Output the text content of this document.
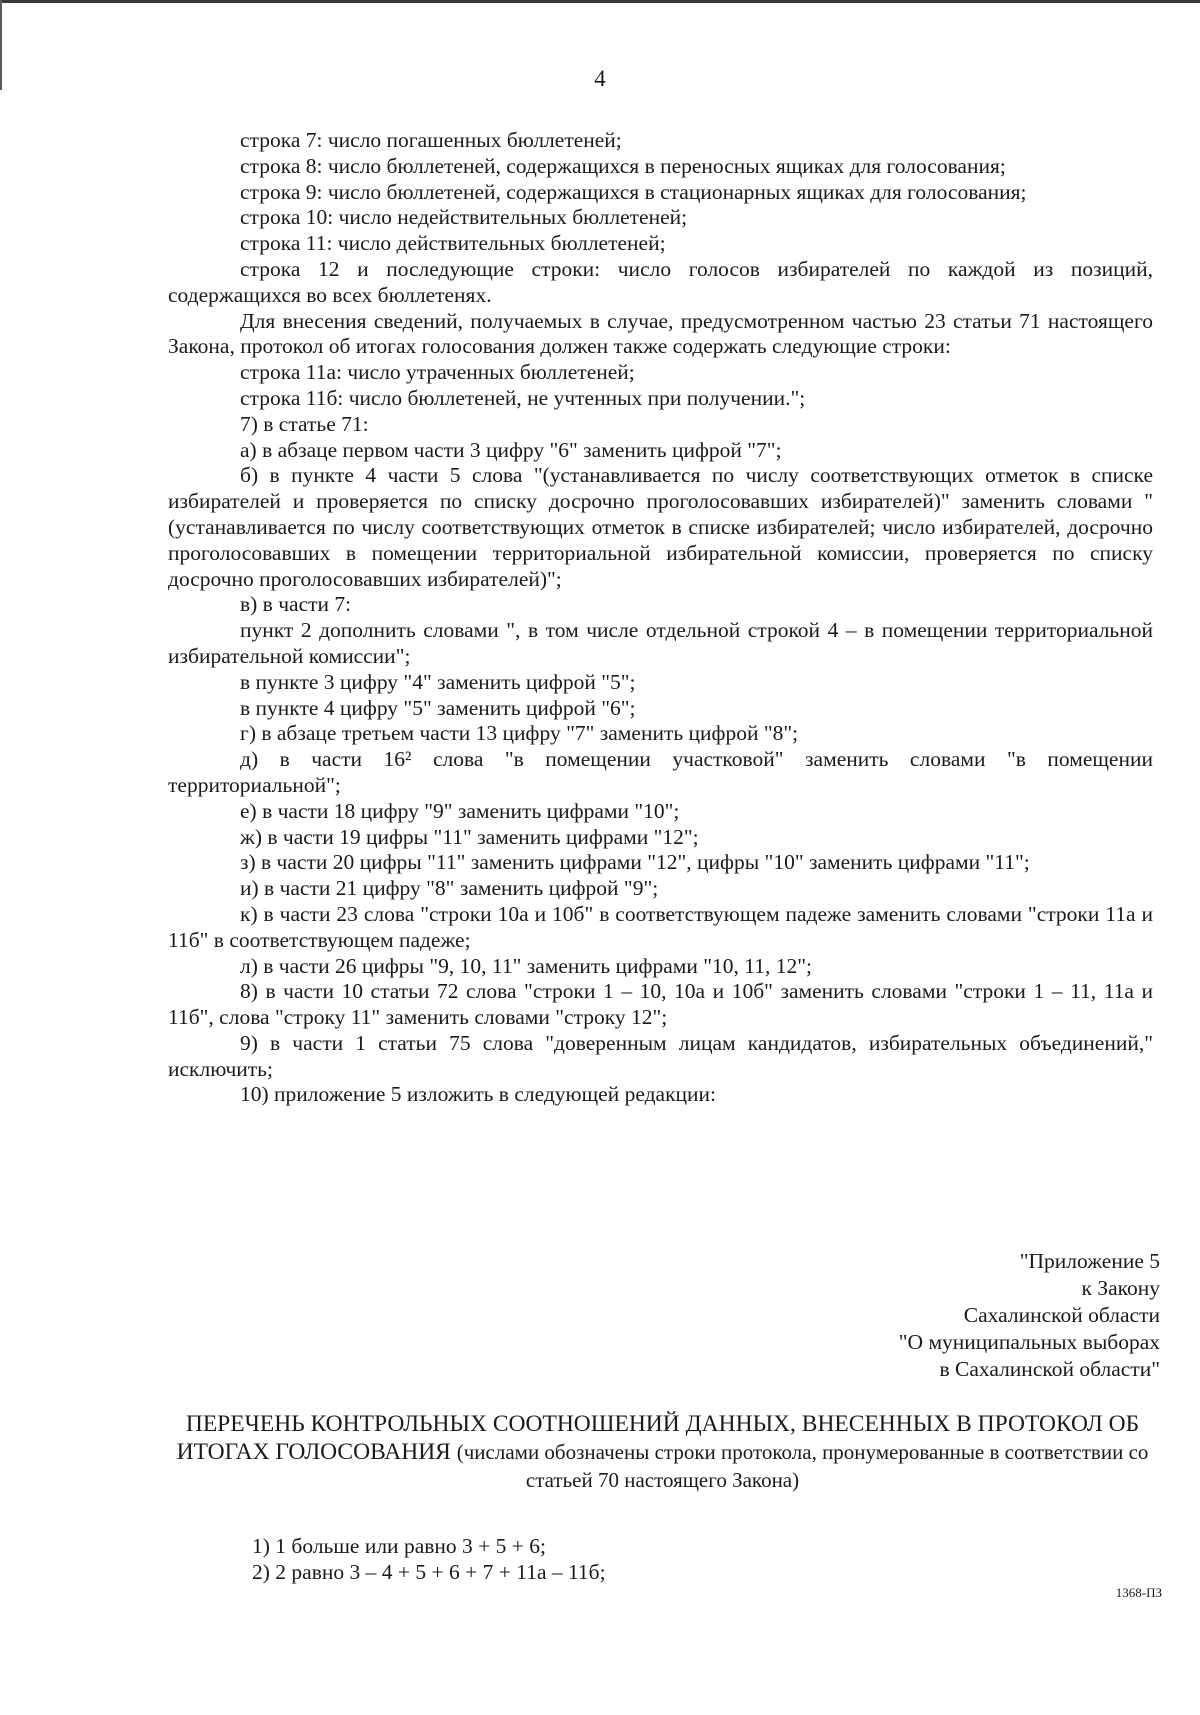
4

строка 7: число погашенных бюллетеней;

строка 8: число бюллетеней, содержащихся в переносных ящиках для голосования;

строка 9: число бюллетеней, содержащихся в стационарных ящиках для голосования;

строка 10: число недействительных бюллетеней;

строка 11: число действительных бюллетеней;

строка 12 и последующие строки: число голосов избирателей по каждой из позиций, содержащихся во всех бюллетенях.

Для внесения сведений, получаемых в случае, предусмотренном частью 23 статьи 71 настоящего Закона, протокол об итогах голосования должен также содержать следующие строки:

строка 11а: число утраченных бюллетеней;

строка 11б: число бюллетеней, не учтенных при получении.";

7) в статье 71:

а) в абзаце первом части 3 цифру "6" заменить цифрой "7";

б) в пункте 4 части 5 слова "(устанавливается по числу соответствующих отметок в списке избирателей и проверяется по списку досрочно проголосовавших избирателей)" заменить словами "(устанавливается по числу соответствующих отметок в списке избирателей; число избирателей, досрочно проголосовавших в помещении территориальной избирательной комиссии, проверяется по списку досрочно проголосовавших избирателей)";

в) в части 7:

пункт 2 дополнить словами ", в том числе отдельной строкой 4 – в помещении территориальной избирательной комиссии";

в пункте 3 цифру "4" заменить цифрой "5";

в пункте 4 цифру "5" заменить цифрой "6";

г) в абзаце третьем части 13 цифру "7" заменить цифрой "8";

д) в части 16² слова "в помещении участковой" заменить словами "в помещении территориальной";

е) в части 18 цифру "9" заменить цифрами "10";

ж) в части 19 цифры "11" заменить цифрами "12";

з) в части 20 цифры "11" заменить цифрами "12", цифры "10" заменить цифрами "11";

и) в части 21 цифру "8" заменить цифрой "9";

к) в части 23 слова "строки 10а и 10б" в соответствующем падеже заменить словами "строки 11а и 11б" в соответствующем падеже;

л) в части 26 цифры "9, 10, 11" заменить цифрами "10, 11, 12";

8) в части 10 статьи 72 слова "строки 1 – 10, 10а и 10б" заменить словами "строки 1 – 11, 11а и 11б", слова "строку 11" заменить словами "строку 12";

9) в части 1 статьи 75 слова "доверенным лицам кандидатов, избирательных объединений," исключить;

10) приложение 5 изложить в следующей редакции:

"Приложение 5
к Закону
Сахалинской области
"О муниципальных выборах
в Сахалинской области"
ПЕРЕЧЕНЬ КОНТРОЛЬНЫХ СООТНОШЕНИЙ ДАННЫХ, ВНЕСЕННЫХ В ПРОТОКОЛ ОБ ИТОГАХ ГОЛОСОВАНИЯ (числами обозначены строки протокола, пронумерованные в соответствии со статьей 70 настоящего Закона)
1) 1 больше или равно 3 + 5 + 6;
2) 2 равно 3 – 4 + 5 + 6 + 7 + 11а – 11б;
1368-ПЗ
